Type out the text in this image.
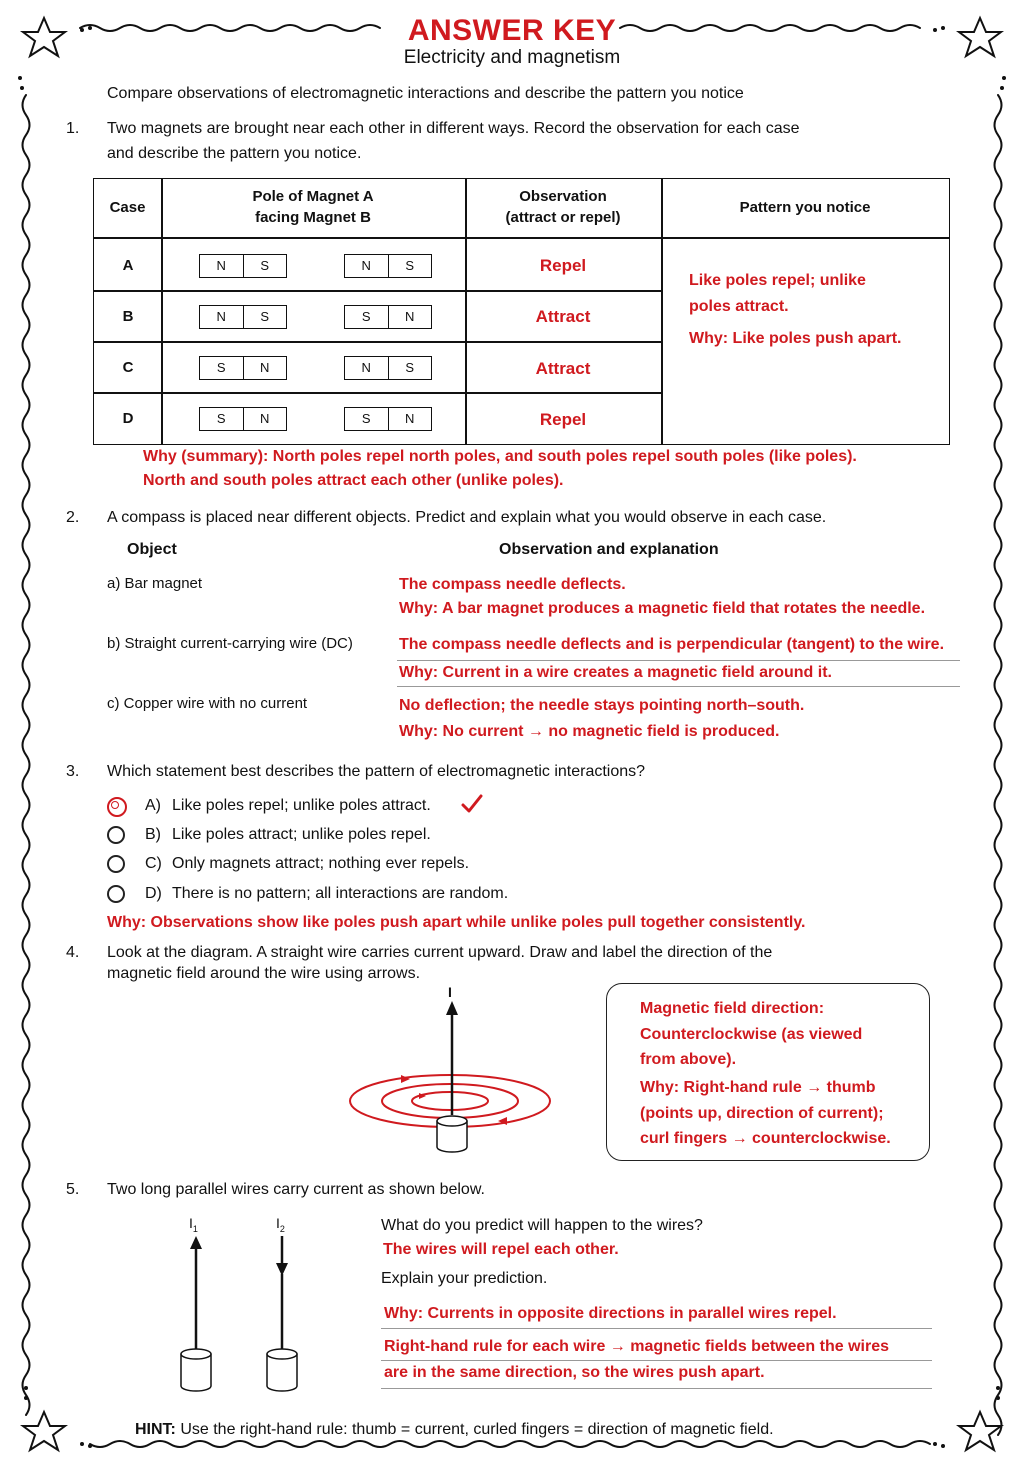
ANSWER KEY
Electricity and magnetism
Compare observations of electromagnetic interactions and describe the pattern you notice
1. Two magnets are brought near each other in different ways. Record the observation for each case
and describe the pattern you notice.
Case
Pole of Magnet A
facing Magnet B
Observation
(attract or repel)
Pattern you notice
A	N	S	N	S	Repel
B	N	S	S	N	Attract
C	S	N	N	S	Attract
D	S	N	S	N	Repel
Like poles repel; unlike
poles attract.
Why: Like poles push apart.
Why (summary): North poles repel north poles, and south poles repel south poles (like poles).
North and south poles attract each other (unlike poles).
2. A compass is placed near different objects. Predict and explain what you would observe in each case.
Object	Observation and explanation
a) Bar magnet	The compass needle deflects.
Why: A bar magnet produces a magnetic field that rotates the needle.
b) Straight current-carrying wire (DC)	The compass needle deflects and is perpendicular (tangent) to the wire.
Why: Current in a wire creates a magnetic field around it.
c) Copper wire with no current	No deflection; the needle stays pointing north–south.
Why: No current → no magnetic field is produced.
3. Which statement best describes the pattern of electromagnetic interactions?
A) Like poles repel; unlike poles attract.
B) Like poles attract; unlike poles repel.
C) Only magnets attract; nothing ever repels.
D) There is no pattern; all interactions are random.
Why: Observations show like poles push apart while unlike poles pull together consistently.
4. Look at the diagram. A straight wire carries current upward. Draw and label the direction of the
magnetic field around the wire using arrows.
I
Magnetic field direction:
Counterclockwise (as viewed
from above).
Why: Right-hand rule → thumb
(points up, direction of current);
curl fingers → counterclockwise.
5. Two long parallel wires carry current as shown below.
$I_1$	$I_2$	What do you predict will happen to the wires?
The wires will repel each other.
Explain your prediction.
Why: Currents in opposite directions in parallel wires repel.
Right-hand rule for each wire → magnetic fields between the wires
are in the same direction, so the wires push apart.
HINT: Use the right-hand rule: thumb = current, curled fingers = direction of magnetic field.
